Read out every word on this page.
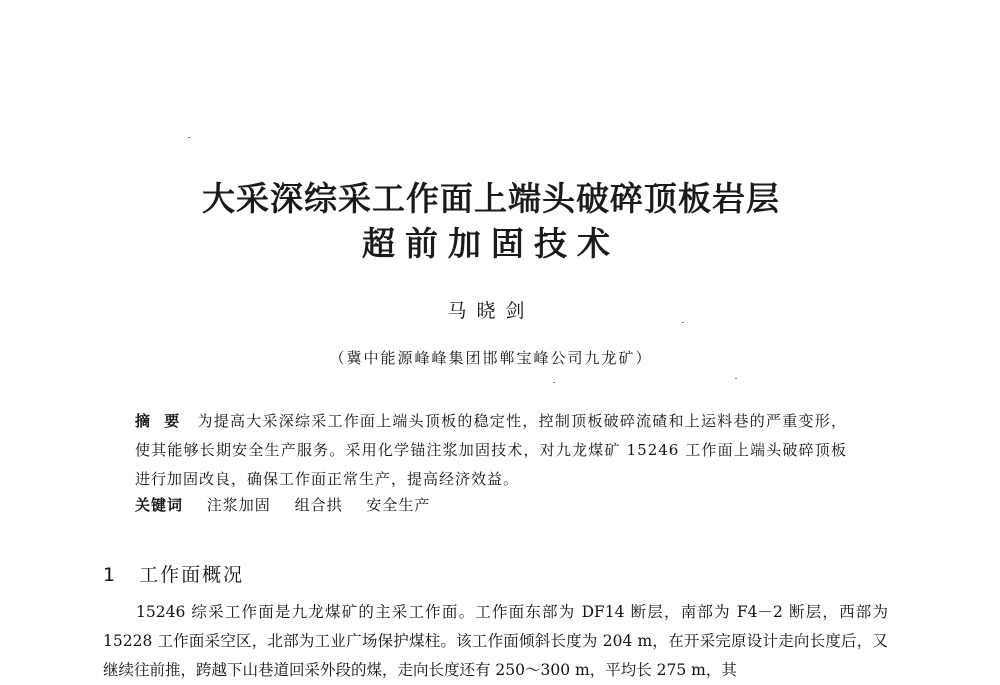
大采深综采工作面上端头破碎顶板岩层
超前加固技术
马晓剑
（冀中能源峰峰集团邯郸宝峰公司九龙矿）
摘要 为提高大采深综采工作面上端头顶板的稳定性，控制顶板破碎流碴和上运料巷的严重变形，使其能够长期安全生产服务。采用化学锚注浆加固技术，对九龙煤矿 15246 工作面上端头破碎顶板进行加固改良，确保工作面正常生产，提高经济效益。
关键词 注浆加固 组合拱 安全生产
1 工作面概况
15246 综采工作面是九龙煤矿的主采工作面。工作面东部为 DF14 断层，南部为 F4－2 断层，西部为 15228 工作面采空区，北部为工业广场保护煤柱。该工作面倾斜长度为 204 m，在开采完原设计走向长度后，又继续往前推，跨越下山巷道回采外段的煤，走向长度还有 250～300 m，平均长 275 m，其
